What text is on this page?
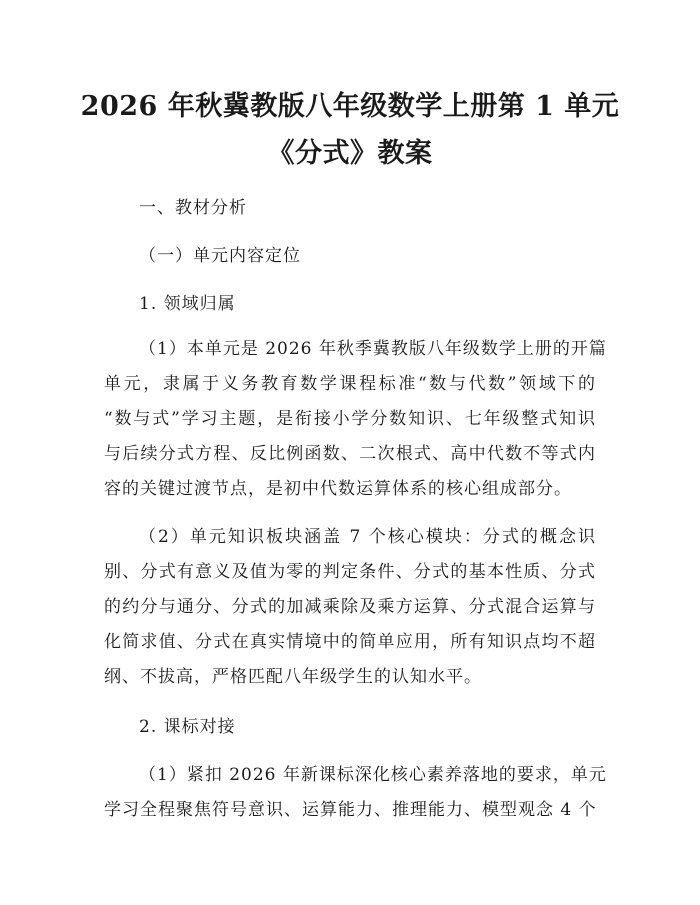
2026 年秋冀教版八年级数学上册第 1 单元
《分式》教案
一、教材分析
（一）单元内容定位
1. 领域归属
（1）本单元是 2026 年秋季冀教版八年级数学上册的开篇
单元，隶属于义务教育数学课程标准“数与代数”领域下的
“数与式”学习主题，是衔接小学分数知识、七年级整式知识
与后续分式方程、反比例函数、二次根式、高中代数不等式内
容的关键过渡节点，是初中代数运算体系的核心组成部分。
（2）单元知识板块涵盖 7 个核心模块：分式的概念识
别、分式有意义及值为零的判定条件、分式的基本性质、分式
的约分与通分、分式的加减乘除及乘方运算、分式混合运算与
化简求值、分式在真实情境中的简单应用，所有知识点均不超
纲、不拔高，严格匹配八年级学生的认知水平。
2. 课标对接
（1）紧扣 2026 年新课标深化核心素养落地的要求，单元
学习全程聚焦符号意识、运算能力、推理能力、模型观念 4 个
